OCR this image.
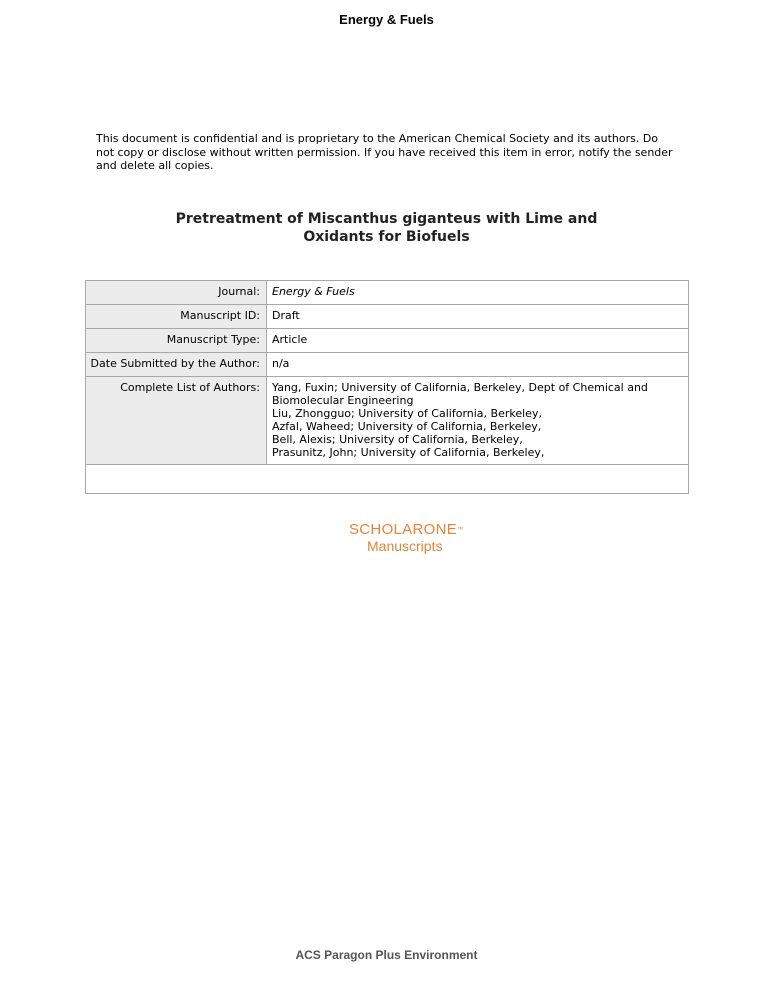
Energy & Fuels
This document is confidential and is proprietary to the American Chemical Society and its authors. Do not copy or disclose without written permission. If you have received this item in error, notify the sender and delete all copies.
Pretreatment of Miscanthus giganteus with Lime and
Oxidants for Biofuels
Journal:	Energy & Fuels
Manuscript ID:	Draft
Manuscript Type:	Article
Date Submitted by the Author:	n/a
Complete List of Authors:	Yang, Fuxin; University of California, Berkeley, Dept of Chemical and
Biomolecular Engineering
Liu, Zhongguo; University of California, Berkeley,
Azfal, Waheed; University of California, Berkeley,
Bell, Alexis; University of California, Berkeley,
Prasunitz, John; University of California, Berkeley,
SCHOLARONE™
Manuscripts
ACS Paragon Plus Environment
